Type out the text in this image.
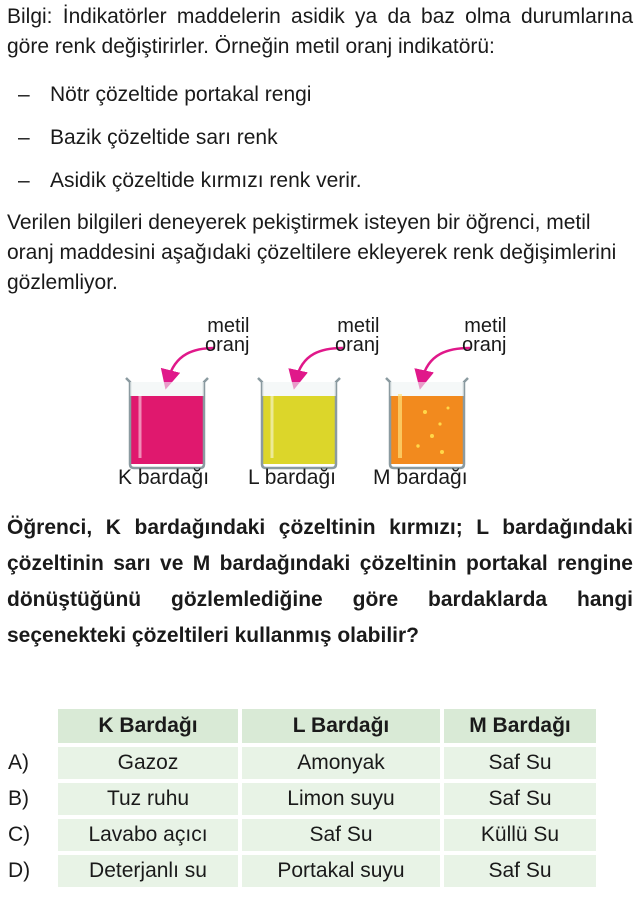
Bilgi: İndikatörler maddelerin asidik ya da baz olma durumlarına göre renk değiştirirler. Örneğin metil oranj indikatörü:
– Nötr çözeltide portakal rengi
– Bazik çözeltide sarı renk
– Asidik çözeltide kırmızı renk verir.
Verilen bilgileri deneyerek pekiştirmek isteyen bir öğrenci, metil oranj maddesini aşağıdaki çözeltilere ekleyerek renk değişimlerini gözlemliyor.
metil
oranj
metil
oranj
metil
oranj
K bardağı L bardağı M bardağı
Öğrenci, K bardağındaki çözeltinin kırmızı; L bardağındaki çözeltinin sarı ve M bardağındaki çözeltinin portakal rengine dönüştüğünü gözlemlediğine göre bardaklarda hangi seçenekteki çözeltileri kullanmış olabilir?
	K Bardağı	L Bardağı	M Bardağı
A)	Gazoz	Amonyak	Saf Su
B)	Tuz ruhu	Limon suyu	Saf Su
C)	Lavabo açıcı	Saf Su	Küllü Su
D)	Deterjanlı su	Portakal suyu	Saf Su
